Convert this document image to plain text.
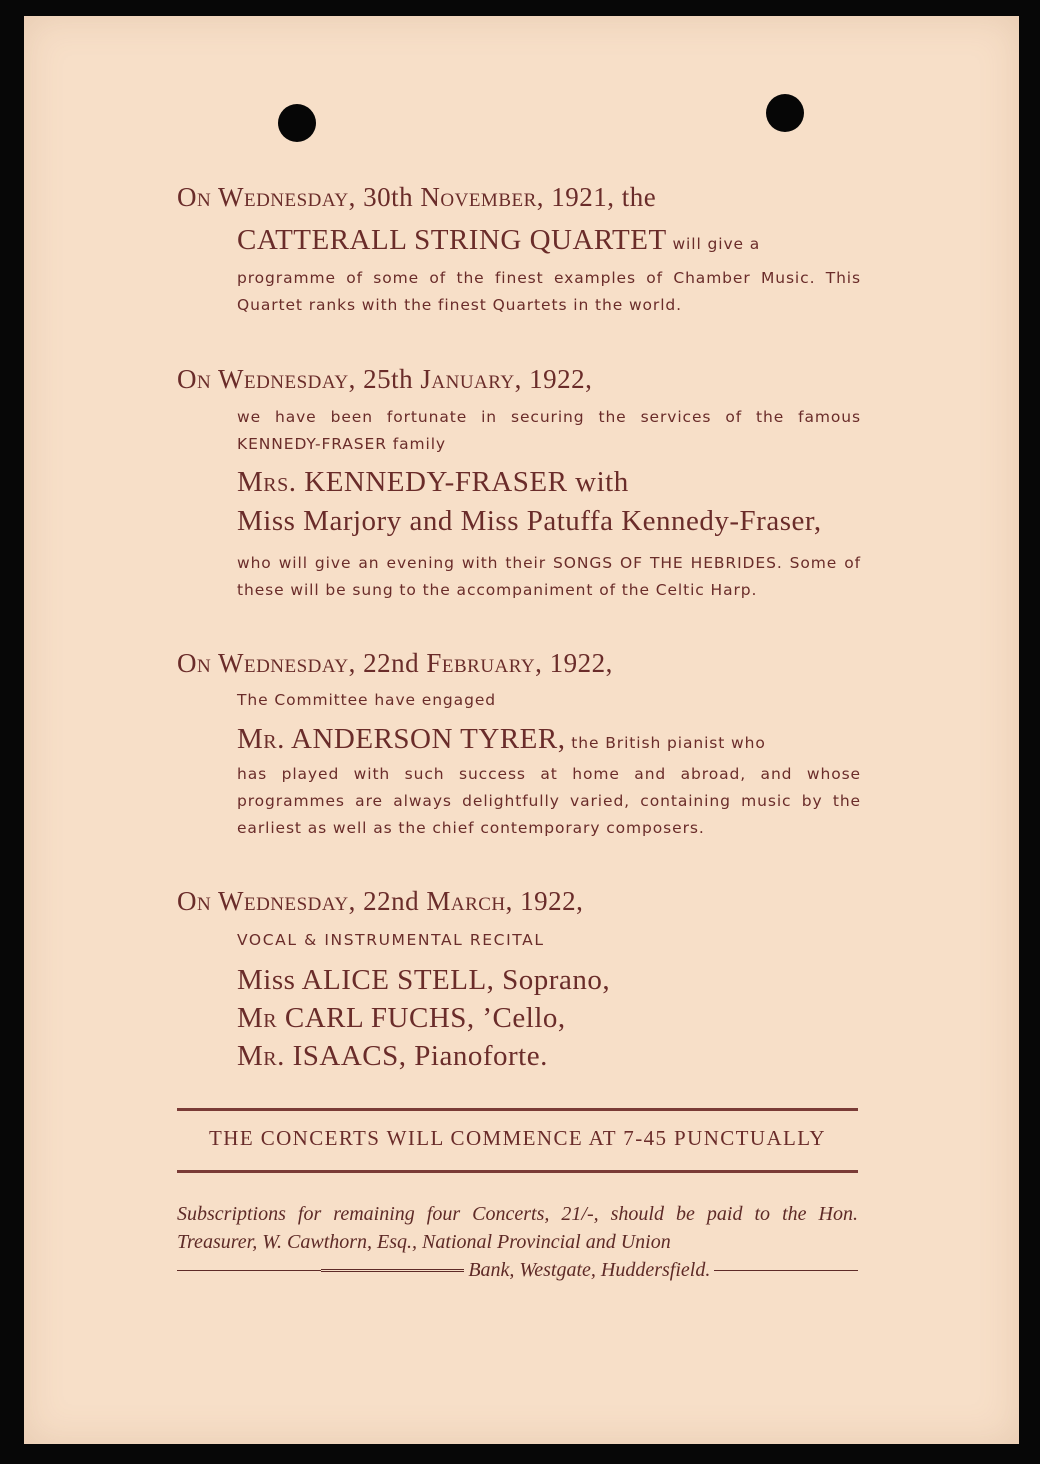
On Wednesday, 30th November, 1921, the
CATTERALL STRING QUARTET will give a
programme of some of the finest examples of Chamber Music. This Quartet ranks with the finest Quartets in the world.
On Wednesday, 25th January, 1922,
we have been fortunate in securing the services of the famous KENNEDY-FRASER family
Mrs. KENNEDY-FRASER with
Miss Marjory and Miss Patuffa Kennedy-Fraser,
who will give an evening with their SONGS OF THE HEBRIDES. Some of these will be sung to the accompaniment of the Celtic Harp.
On Wednesday, 22nd February, 1922,
The Committee have engaged
Mr. ANDERSON TYRER, the British pianist who
has played with such success at home and abroad, and whose programmes are always delightfully varied, containing music by the earliest as well as the chief contemporary composers.
On Wednesday, 22nd March, 1922,
VOCAL & INSTRUMENTAL RECITAL
Miss ALICE STELL, Soprano,
Mr CARL FUCHS, ’Cello,
Mr. ISAACS, Pianoforte.
THE CONCERTS WILL COMMENCE AT 7-45 PUNCTUALLY
Subscriptions for remaining four Concerts, 21/-, should be paid to the Hon. Treasurer, W. Cawthorn, Esq., National Provincial and Union
Bank, Westgate, Huddersfield.
